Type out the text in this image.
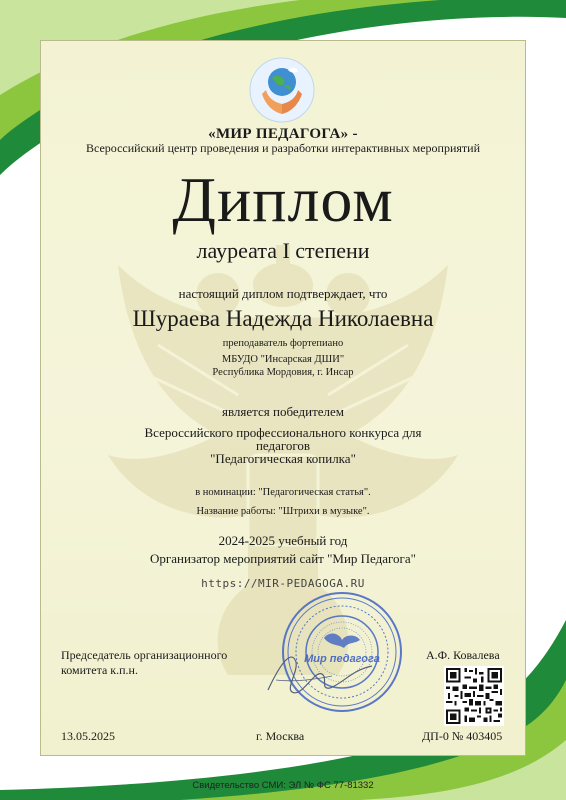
«МИР ПЕДАГОГА» -
Всероссийский центр проведения и разработки интерактивных мероприятий
Диплом
лауреата I степени
настоящий диплом подтверждает, что
Шураева Надежда Николаевна
преподаватель фортепиано
МБУДО "Инсарская ДШИ"
Республика Мордовия, г. Инсар
является победителем
Всероссийского профессионального конкурса для
педагогов
"Педагогическая копилка"
в номинации: "Педагогическая статья".
Название работы: "Штрихи в музыке".
2024-2025 учебный год
Организатор мероприятий сайт "Мир Педагога"
https://MIR-PEDAGOGA.RU
Мир педагога
Председатель организационного
комитета к.п.н.
А.Ф. Ковалева
13.05.2025	г. Москва	ДП-0 № 403405
Свидетельство СМИ: ЭЛ № ФС 77-81332
